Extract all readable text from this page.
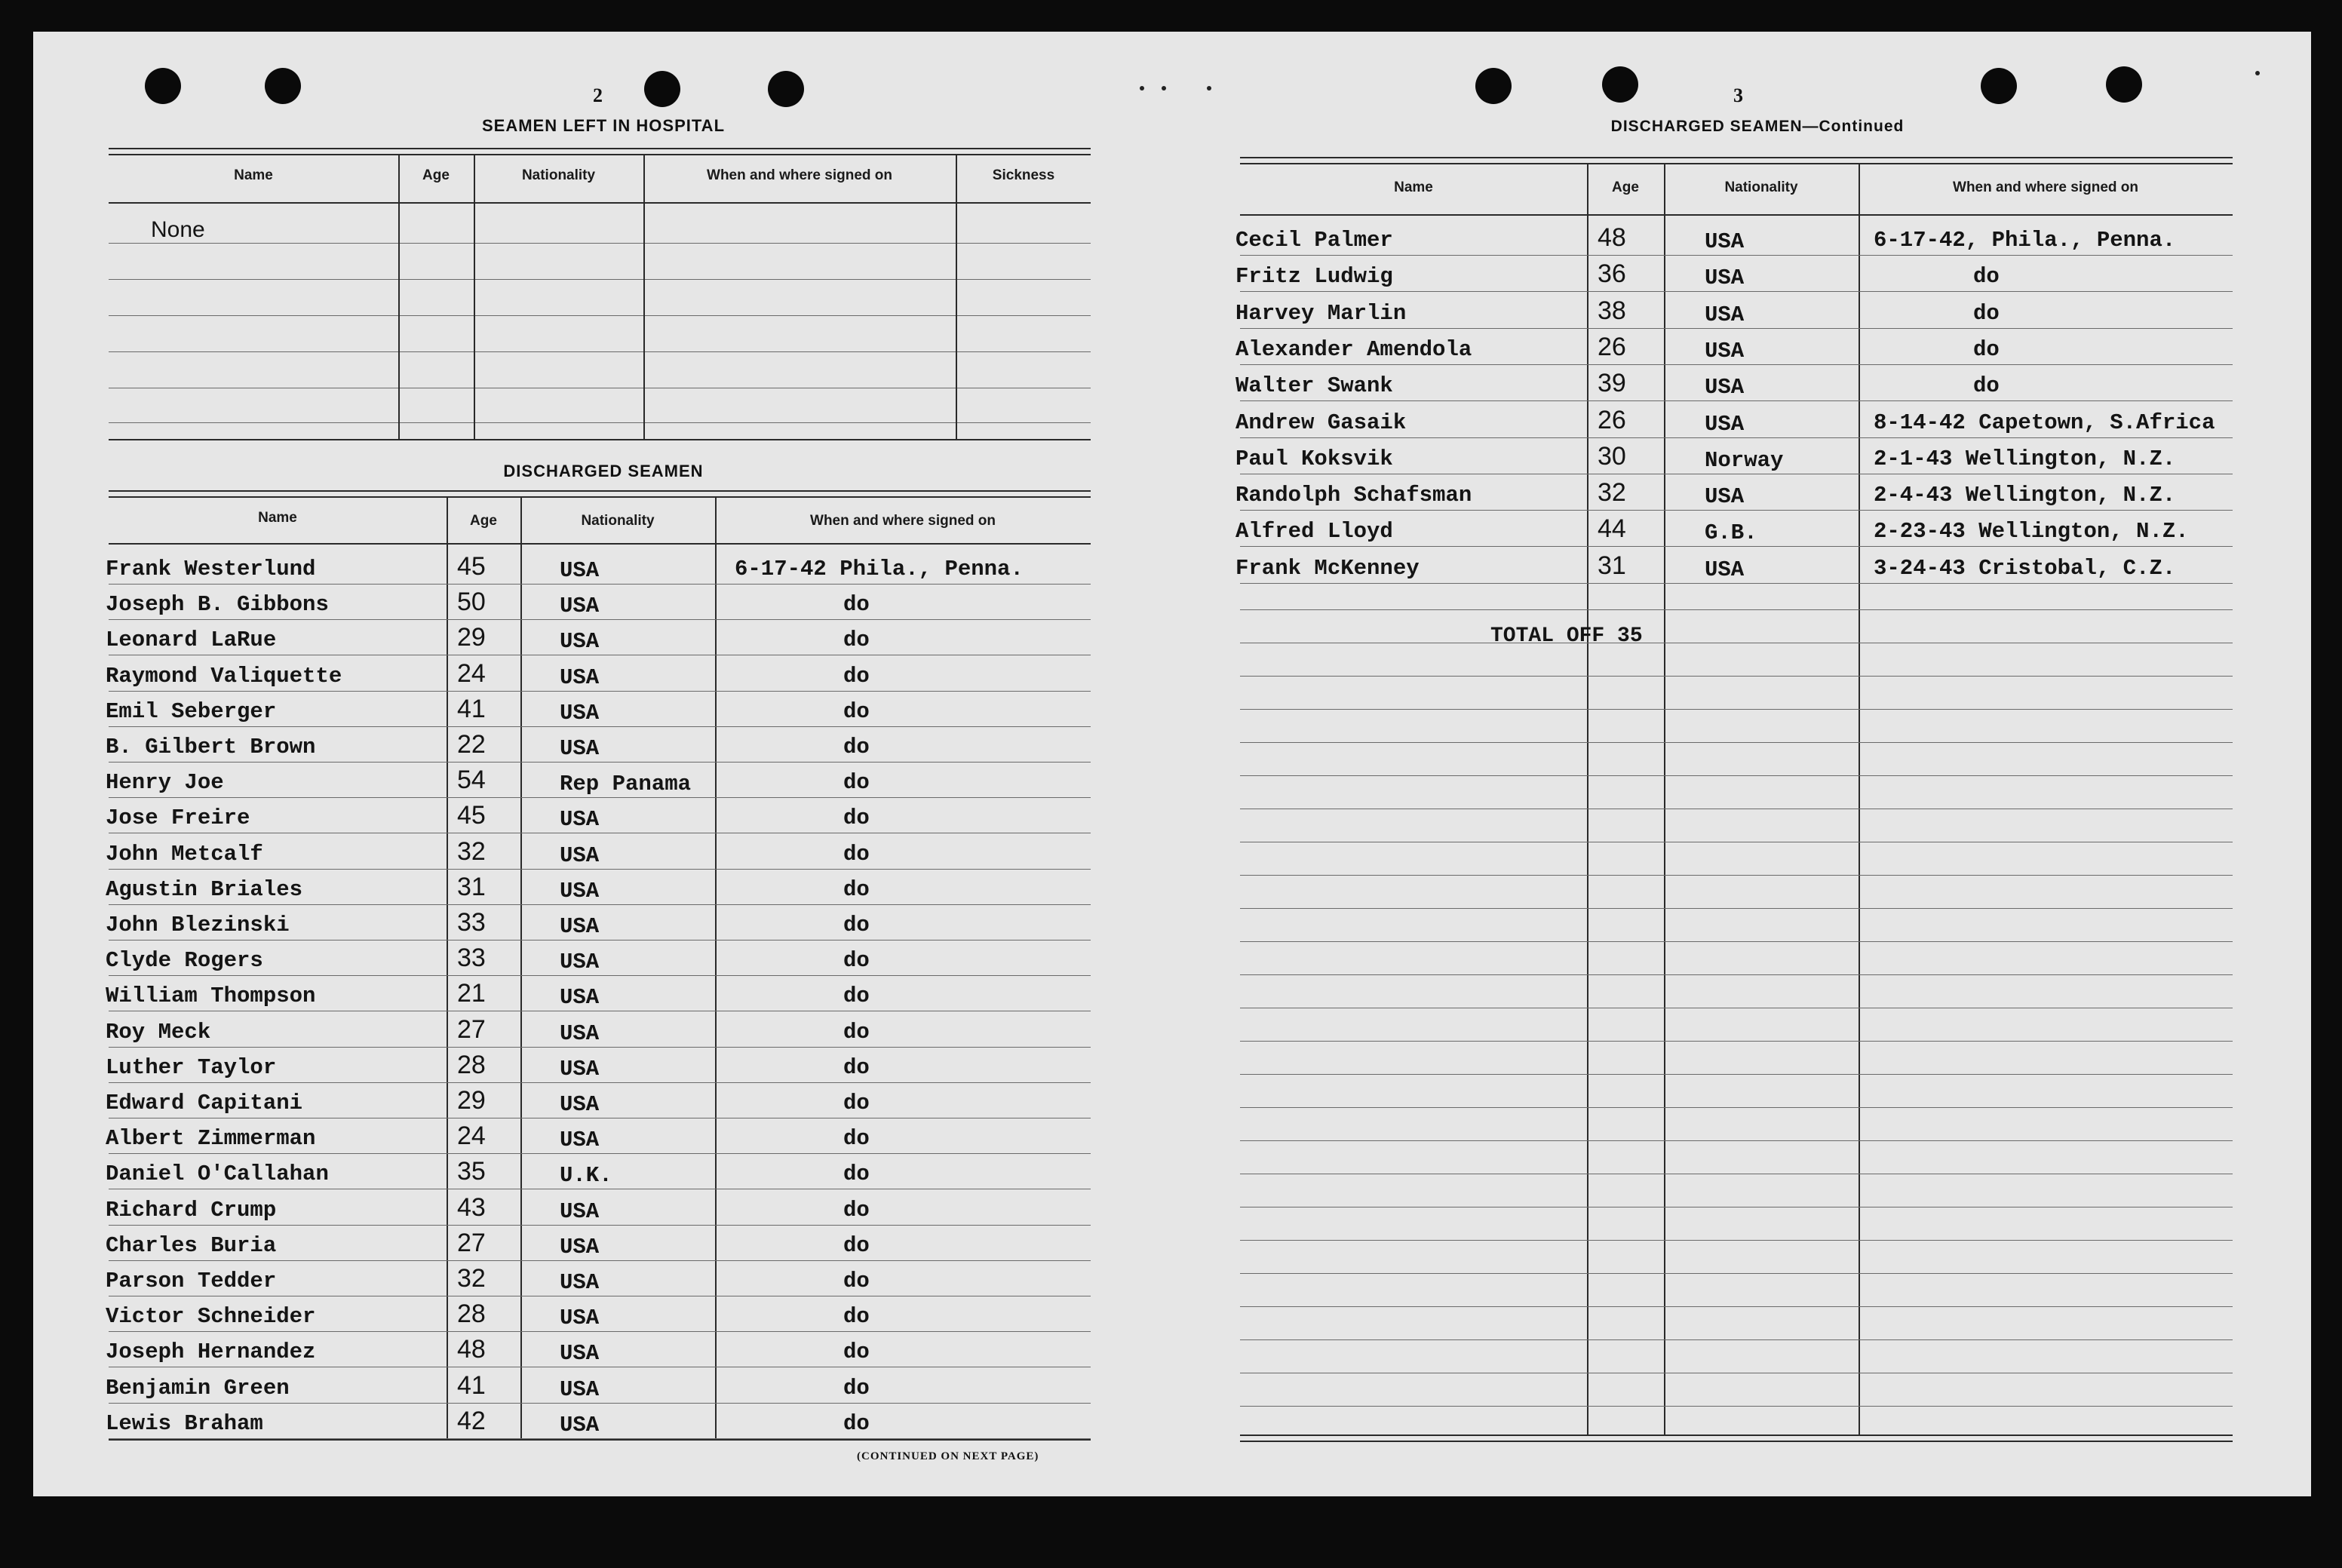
2
SEAMEN LEFT IN HOSPITAL
Name	Age	Nationality	When and where signed on	Sickness
None
DISCHARGED SEAMEN
Name	Age	Nationality	When and where signed on
Frank Westerlund	45	USA	6-17-42 Phila., Penna.
Joseph B. Gibbons	50	USA	do
Leonard LaRue	29	USA	do
Raymond Valiquette	24	USA	do
Emil Seberger	41	USA	do
B. Gilbert Brown	22	USA	do
Henry Joe	54	Rep Panama	do
Jose Freire	45	USA	do
John Metcalf	32	USA	do
Agustin Briales	31	USA	do
John Blezinski	33	USA	do
Clyde Rogers	33	USA	do
William Thompson	21	USA	do
Roy Meck	27	USA	do
Luther Taylor	28	USA	do
Edward Capitani	29	USA	do
Albert Zimmerman	24	USA	do
Daniel O'Callahan	35	U.K.	do
Richard Crump	43	USA	do
Charles Buria	27	USA	do
Parson Tedder	32	USA	do
Victor Schneider	28	USA	do
Joseph Hernandez	48	USA	do
Benjamin Green	41	USA	do
Lewis Braham	42	USA	do
(CONTINUED ON NEXT PAGE)
3
DISCHARGED SEAMEN—Continued
Name	Age	Nationality	When and where signed on
Cecil Palmer	48	USA	6-17-42, Phila., Penna.
Fritz Ludwig	36	USA	do
Harvey Marlin	38	USA	do
Alexander Amendola	26	USA	do
Walter Swank	39	USA	do
Andrew Gasaik	26	USA	8-14-42 Capetown, S.Africa
Paul Koksvik	30	Norway	2-1-43 Wellington, N.Z.
Randolph Schafsman	32	USA	2-4-43 Wellington, N.Z.
Alfred Lloyd	44	G.B.	2-23-43 Wellington, N.Z.
Frank McKenney	31	USA	3-24-43 Cristobal, C.Z.
TOTAL OFF 35
